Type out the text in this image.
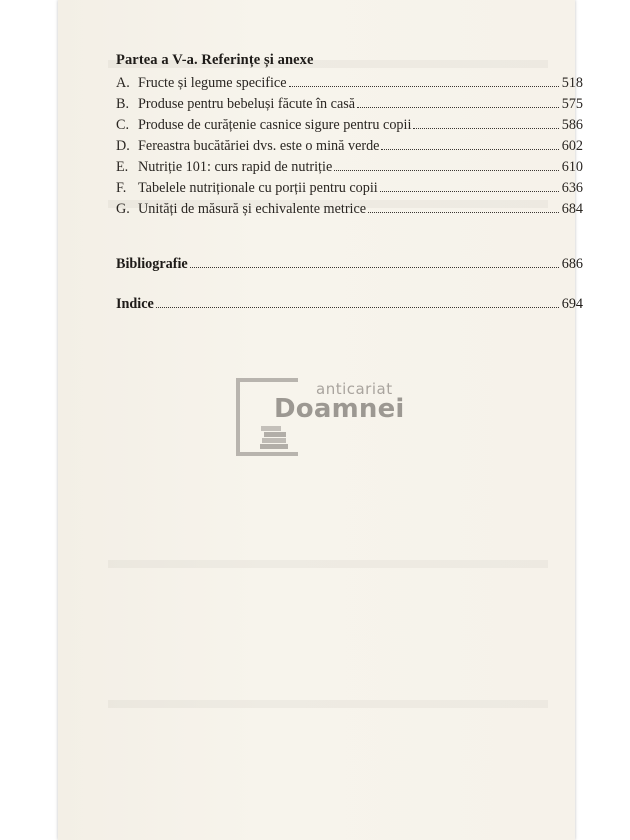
Partea a V-a. Referințe și anexe
A. Fructe și legume specifice	518
B. Produse pentru bebeluși făcute în casă	575
C. Produse de curățenie casnice sigure pentru copii	586
D. Fereastra bucătăriei dvs. este o mină verde	602
E. Nutriție 101: curs rapid de nutriție	610
F. Tabelele nutriționale cu porții pentru copii	636
G. Unități de măsură și echivalente metrice	684
Bibliografie	686
Indice	694
anticariat
Doamnei
